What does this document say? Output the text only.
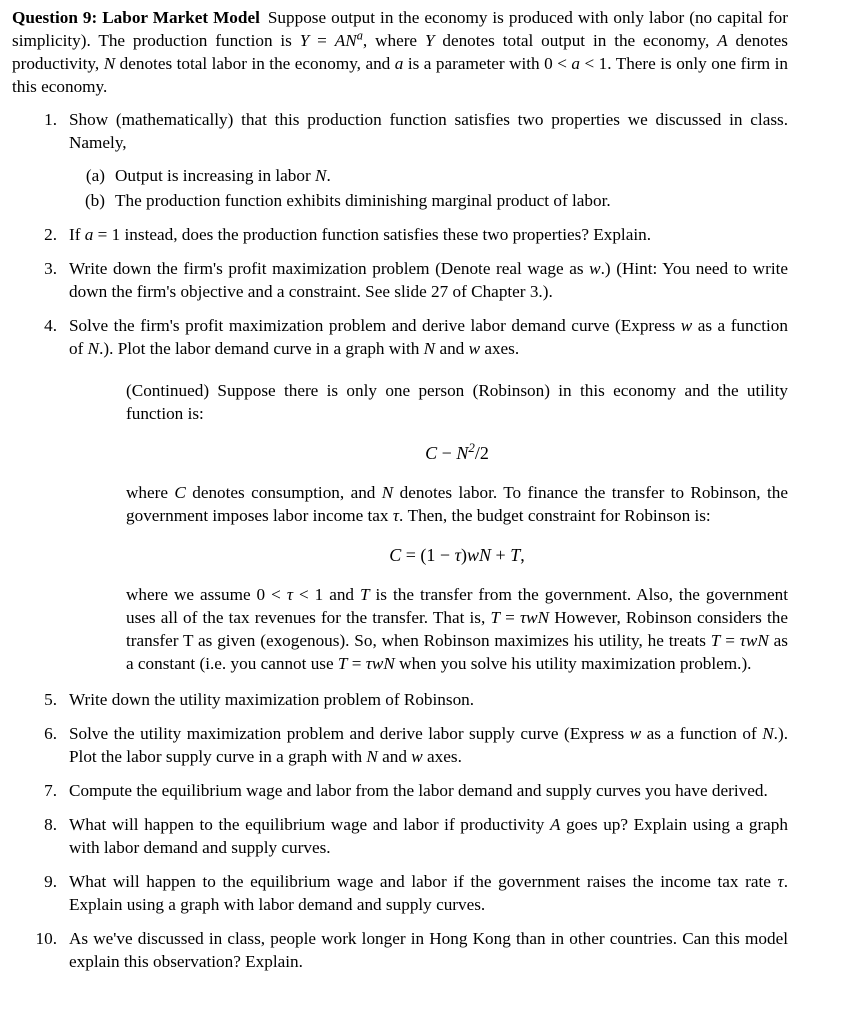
Question 9: Labor Market Model Suppose output in the economy is produced with only labor (no capital for simplicity). The production function is $Y = AN^a$, where Y denotes total output in the economy, A denotes productivity, N denotes total labor in the economy, and a is a parameter with 0 < a < 1. There is only one firm in this economy.

1. Show (mathematically) that this production function satisfies two properties we discussed in class. Namely,

(a) Output is increasing in labor N.

(b) The production function exhibits diminishing marginal product of labor.

2. If a = 1 instead, does the production function satisfies these two properties? Explain.

3. Write down the firm's profit maximization problem (Denote real wage as w.) (Hint: You need to write down the firm's objective and a constraint. See slide 27 of Chapter 3.).

4. Solve the firm's profit maximization problem and derive labor demand curve (Express w as a function of N.). Plot the labor demand curve in a graph with N and w axes.

(Continued) Suppose there is only one person (Robinson) in this economy and the utility function is:

$C - N^2/2$

where C denotes consumption, and N denotes labor. To finance the transfer to Robinson, the government imposes labor income tax τ. Then, the budget constraint for Robinson is:

C = (1 − τ)wN + T,

where we assume 0 < τ < 1 and T is the transfer from the government. Also, the government uses all of the tax revenues for the transfer. That is, T = τwN However, Robinson considers the transfer T as given (exogenous). So, when Robinson maximizes his utility, he treats T = τwN as a constant (i.e. you cannot use T = τwN when you solve his utility maximization problem.).

5. Write down the utility maximization problem of Robinson.

6. Solve the utility maximization problem and derive labor supply curve (Express w as a function of N.). Plot the labor supply curve in a graph with N and w axes.

7. Compute the equilibrium wage and labor from the labor demand and supply curves you have derived.

8. What will happen to the equilibrium wage and labor if productivity A goes up? Explain using a graph with labor demand and supply curves.

9. What will happen to the equilibrium wage and labor if the government raises the income tax rate τ. Explain using a graph with labor demand and supply curves.

10. As we've discussed in class, people work longer in Hong Kong than in other countries. Can this model explain this observation? Explain.
